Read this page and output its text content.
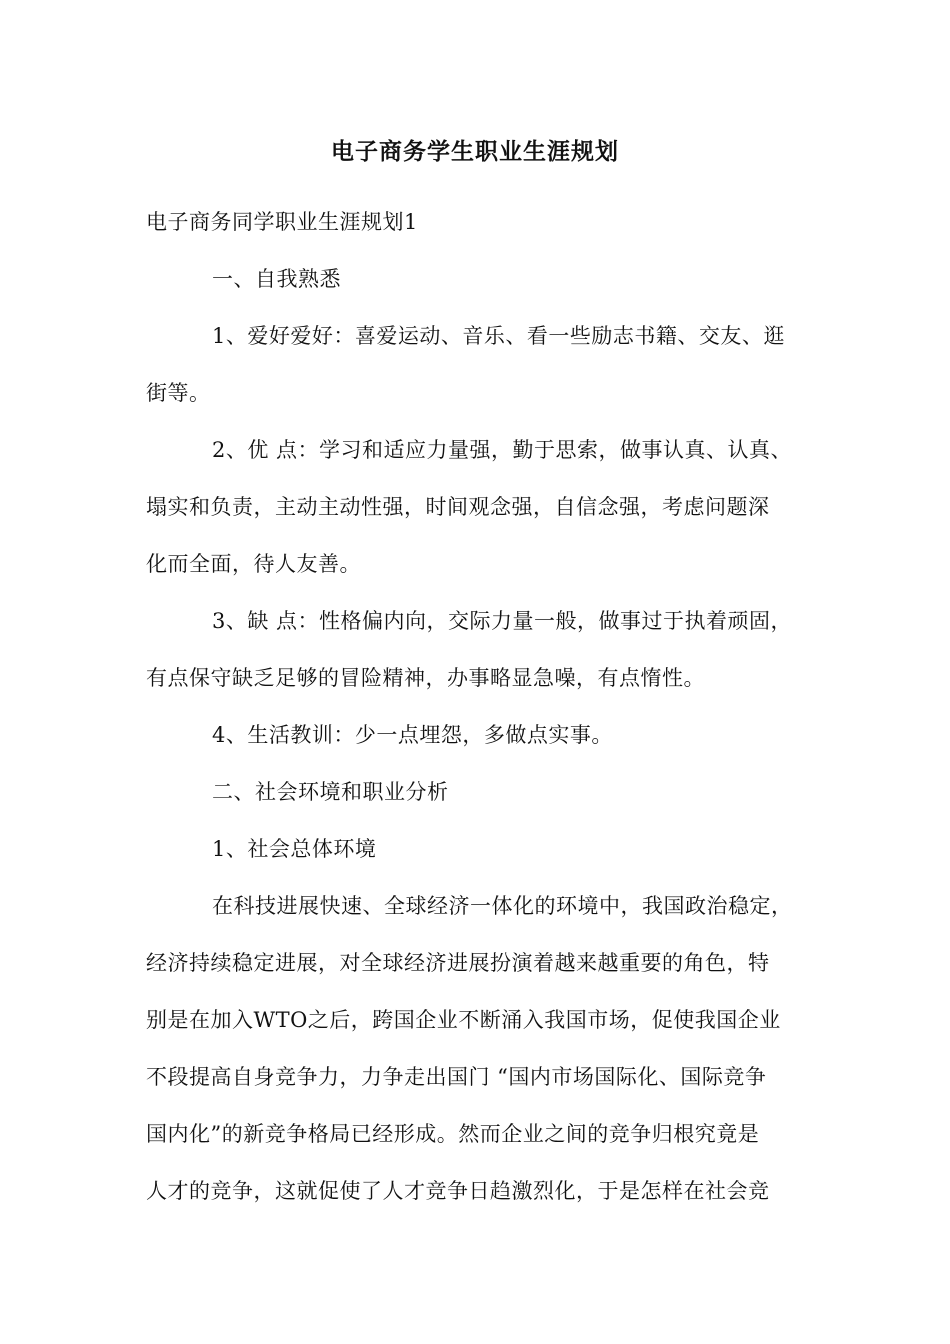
电子商务学生职业生涯规划
电子商务同学职业生涯规划1
一、自我熟悉
1、爱好爱好：喜爱运动、音乐、看一些励志书籍、交友、逛
街等。
2、优 点：学习和适应力量强，勤于思索，做事认真、认真、
塌实和负责，主动主动性强，时间观念强，自信念强，考虑问题深
化而全面，待人友善。
3、缺 点：性格偏内向，交际力量一般，做事过于执着顽固，
有点保守缺乏足够的冒险精神，办事略显急噪，有点惰性。
4、生活教训：少一点埋怨，多做点实事。
二、社会环境和职业分析
1、社会总体环境
在科技进展快速、全球经济一体化的环境中，我国政治稳定，
经济持续稳定进展，对全球经济进展扮演着越来越重要的角色，特
别是在加入WTO之后，跨国企业不断涌入我国市场，促使我国企业
不段提高自身竞争力，力争走出国门 “国内市场国际化、国际竞争
国内化”的新竞争格局已经形成。然而企业之间的竞争归根究竟是
人才的竞争，这就促使了人才竞争日趋激烈化，于是怎样在社会竞
